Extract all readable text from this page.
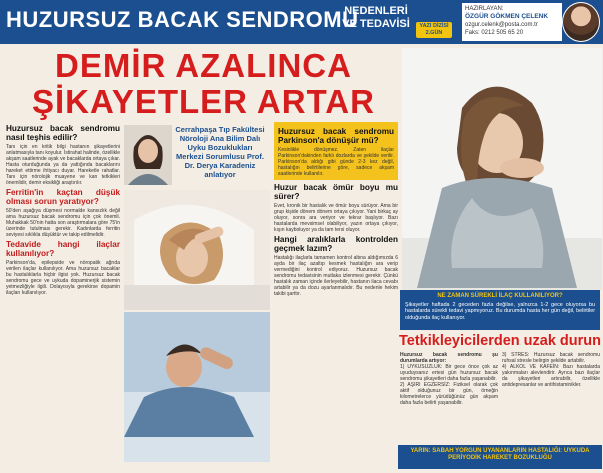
HUZURSUZ BACAK SENDROMU
NEDENLERİ VE TEDAVİSİ	YAZI DİZİSİ 2.GÜN
HAZIRLAYAN:
ÖZGÜR GÖKMEN ÇELENK
ozgur.celenk@posta.com.tr
Faks: 0212 505 65 20
DEMİR AZALINCA
ŞİKAYETLER ARTAR
Huzursuz bacak sendromu nasıl teşhis edilir?

Tanı için en kritik bilgi hastanın şikayetlerini anlatmasıyla tanı koyulur. İstirahat halinde, özellikle akşam saatlerinde ayak ve bacaklarda ortaya çıkar. Hasta oturduğunda ya da yattığında bacaklarını hareket ettirme ihtiyacı duyar. Hareketle rahatlar. Tanı için nörolojik muayene ve kan tetkikleri önemlidir, demir eksikliği araştırılır.

Ferritin'in kaçtan düşük olması sorun yaratıyor?

50'den aşağıya düşmesi normalde kansızlık değil ama huzursuz bacak sendromu için çok önemli. Muhakkak 50'nin hatta son araştırmalara göre 75'in üzerinde tutulması gerekir. Kadınlarda ferritin seviyesi sıklıkla düşüktür ve takip edilmelidir.

Tedavide hangi ilaçlar kullanılıyor?

Parkinson'da, epilepside ve nöropatik ağrıda verilen ilaçlar kullanılıyor. Ama huzursuz bacaklar bu hastalıklarla hiçbir ilgisi yok. Huzursuz bacak sendromu gece ve uykuda dopaminerjik sistemin yetmezliğiyle ilgili. Dolayısıyla gerekirse dopamin ilaçları kullanılıyor.

Cerrahpaşa Tıp Fakültesi Nöroloji Ana Bilim Dalı Uyku Bozuklukları Merkezi Sorumlusu Prof. Dr. Derya Karadeniz anlatıyor
Huzursuz bacak sendromu Parkinson'a dönüşür mü?

Kesinlikle dönüşmez. Zaten ilaçlar Parkinson'dakinden farklı dozlarda ve şekilde verilir. Parkinson'da aldığı gibi günde 2-3 kez değil, hastalığın belirtilerine göre, sadece akşam saatlerinde kullanılır.

Huzur bacak ömür boyu mu sürer?

Evet, kronik bir hastalık ve ömür boyu sürüyor. Ama bir grup kişide dönem dönem ortaya çıkıyor. Yani birkaç ay oluyor, sonra ara veriyor ve tekrar başlıyor. Bazı hastalarda mevsimsel olabiliyor, yazın ortaya çıkıyor, kışın kayboluyor ya da tam tersi oluyor.

Hangi aralıklarla kontrolden geçmek lazım?

Hastalığı ilaçlarla tamamen kontrol altına aldığımızda 6 ayda bir ilaç azaltıp kesmek hastalığın ara verip vermediğini kontrol ediyoruz. Huzursuz bacak sendromu tedavisinin mutlaka izlenmesi gerekir. Çünkü hastalık zaman içinde ilerleyebilir, hastanın ilaca cevabı artabilir ya da dozu ayarlanmalıdır. Bu nedenle hekim takibi şarttır.	NE ZAMAN SÜREKLİ İLAÇ KULLANILIYOR?
Şikayetler haftada 2 geceden fazla değilse, yalnızca 1-2 gece oluyorsa bu hastalarda sürekli tedavi yapmıyoruz. Bu durumda hasta her gün değil, belirtiler olduğunda ilaç kullanıyor.
Tetkikleyicilerden uzak durun

Huzursuz bacak sendromu şu durumlarda artıyor:

1) UYKUSUZLUK: Bir gece önce çok az uyuduysanız ertesi gün huzursuz bacak sendromu şikayetleri daha fazla yaşanabilir.

2) AŞIRI EGZERSİZ: Fiziksel olarak çok aktif olduğunuz bir gün, örneğin kilometrelerce yürüdüğünüz gün akşam daha fazla belirti yaşanabilir.

3) STRES: Huzursuz bacak sendromu ruhsal stresle belirgin şekilde artabilir.

4) ALKOL VE KAFEİN: Bazı hastalarda yakınmaları alevlendirir. Ayrıca bazı ilaçlar da şikayetleri artırabilir, özellikle antidepresanlar ve antihistaminikler.

YARIN: SABAH YORGUN UYANANLARIN HASTALIĞI: UYKUDA PERİYODİK HAREKET BOZUKLUĞU
